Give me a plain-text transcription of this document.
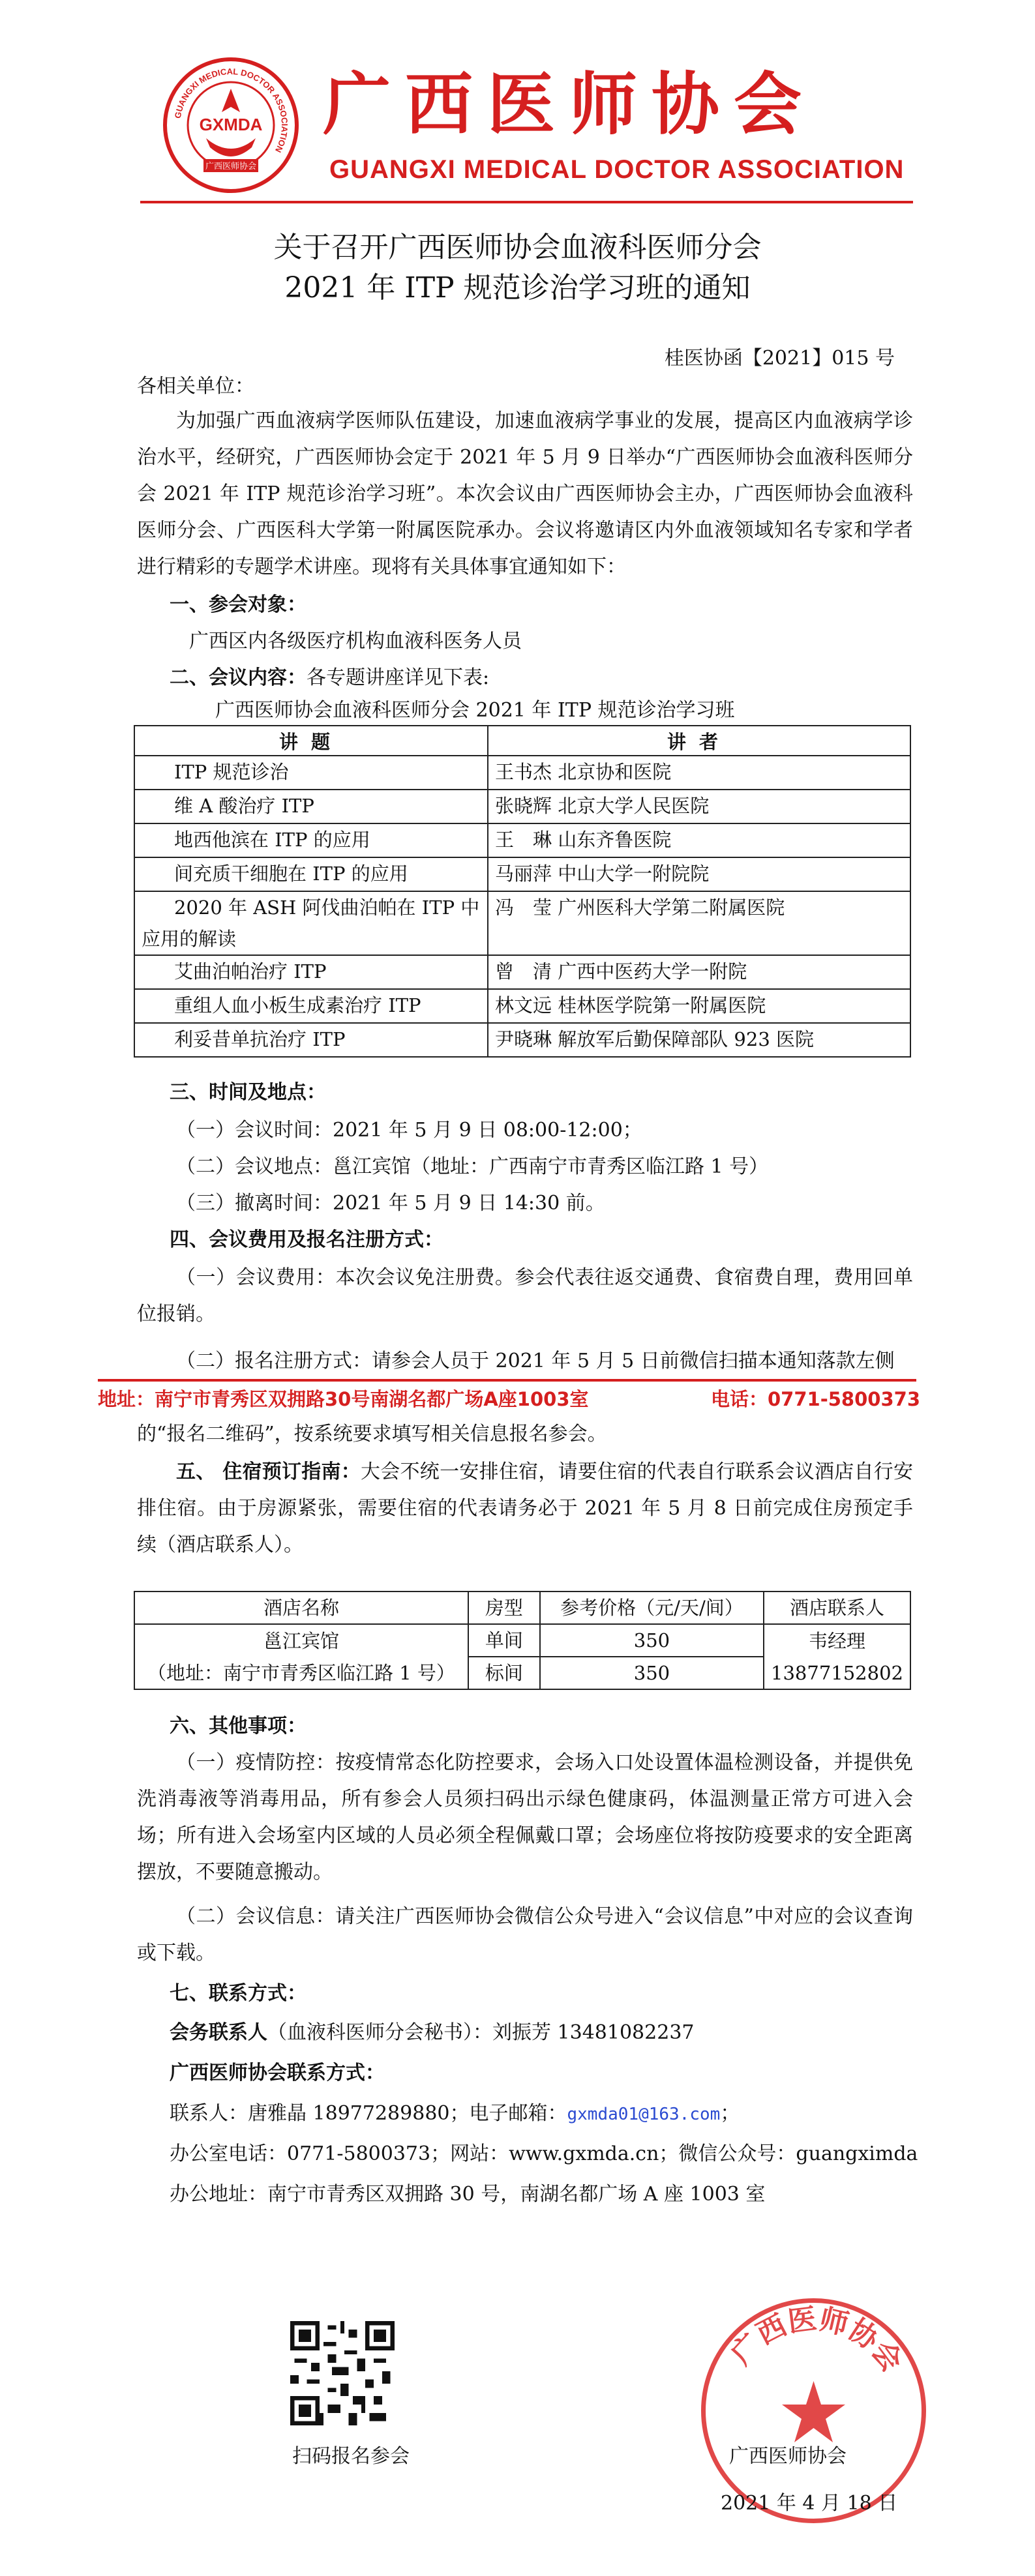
GUANGXI MEDICAL DOCTOR ASSOCIATION
GXMDA
广西医师协会
广西医师协会
GUANGXI MEDICAL DOCTOR ASSOCIATION
关于召开广西医师协会血液科医师分会
2021 年 ITP 规范诊治学习班的通知
桂医协函【2021】015 号
各相关单位：
为加强广西血液病学医师队伍建设，加速血液病学事业的发展，提高区内血液病学诊治水平，经研究，广西医师协会定于 2021 年 5 月 9 日举办“广西医师协会血液科医师分会 2021 年 ITP 规范诊治学习班”。本次会议由广西医师协会主办，广西医师协会血液科医师分会、广西医科大学第一附属医院承办。会议将邀请区内外血液领域知名专家和学者进行精彩的专题学术讲座。现将有关具体事宜通知如下：
一、参会对象：
广西区内各级医疗机构血液科医务人员
二、会议内容：各专题讲座详见下表:
广西医师协会血液科医师分会 2021 年 ITP 规范诊治学习班
讲题	讲者
ITP 规范诊治	王书杰 北京协和医院
维 A 酸治疗 ITP	张晓辉 北京大学人民医院
地西他滨在 ITP 的应用	王　琳 山东齐鲁医院
间充质干细胞在 ITP 的应用	马丽萍 中山大学一附院院
2020 年 ASH 阿伐曲泊帕在 ITP 中应用的解读	冯　莹 广州医科大学第二附属医院
艾曲泊帕治疗 ITP	曾　清 广西中医药大学一附院
重组人血小板生成素治疗 ITP	林文远 桂林医学院第一附属医院
利妥昔单抗治疗 ITP	尹晓琳 解放军后勤保障部队 923 医院
三、时间及地点：
（一）会议时间：2021 年 5 月 9 日 08:00-12:00；
（二）会议地点：邕江宾馆（地址：广西南宁市青秀区临江路 1 号）
（三）撤离时间：2021 年 5 月 9 日 14:30 前。
四、会议费用及报名注册方式：
（一）会议费用：本次会议免注册费。参会代表往返交通费、食宿费自理，费用回单位报销。
（二）报名注册方式：请参会人员于 2021 年 5 月 5 日前微信扫描本通知落款左侧
地址：南宁市青秀区双拥路30号南湖名都广场A座1003室	电话：0771-5800373
的“报名二维码”，按系统要求填写相关信息报名参会。
五、 住宿预订指南：大会不统一安排住宿，请要住宿的代表自行联系会议酒店自行安排住宿。由于房源紧张，需要住宿的代表请务必于 2021 年 5 月 8 日前完成住房预定手续（酒店联系人）。
酒店名称	房型	参考价格（元/天/间）	酒店联系人
邕江宾馆	单间	350	韦经理
（地址：南宁市青秀区临江路 1 号）	标间	350	13877152802
六、其他事项：
（一）疫情防控：按疫情常态化防控要求，会场入口处设置体温检测设备，并提供免洗消毒液等消毒用品，所有参会人员须扫码出示绿色健康码，体温测量正常方可进入会场；所有进入会场室内区域的人员必须全程佩戴口罩；会场座位将按防疫要求的安全距离摆放，不要随意搬动。
（二）会议信息：请关注广西医师协会微信公众号进入“会议信息”中对应的会议查询或下载。
七、联系方式：
会务联系人（血液科医师分会秘书）：刘振芳 13481082237
广西医师协会联系方式：
联系人：唐雅晶 18977289880；电子邮箱：gxmda01@163.com；
办公室电话：0771-5800373；网站：www.gxmda.cn；微信公众号：guangximda
办公地址：南宁市青秀区双拥路 30 号，南湖名都广场 A 座 1003 室
扫码报名参会
广西医师协会
广西医师协会
2021 年 4 月 18 日
